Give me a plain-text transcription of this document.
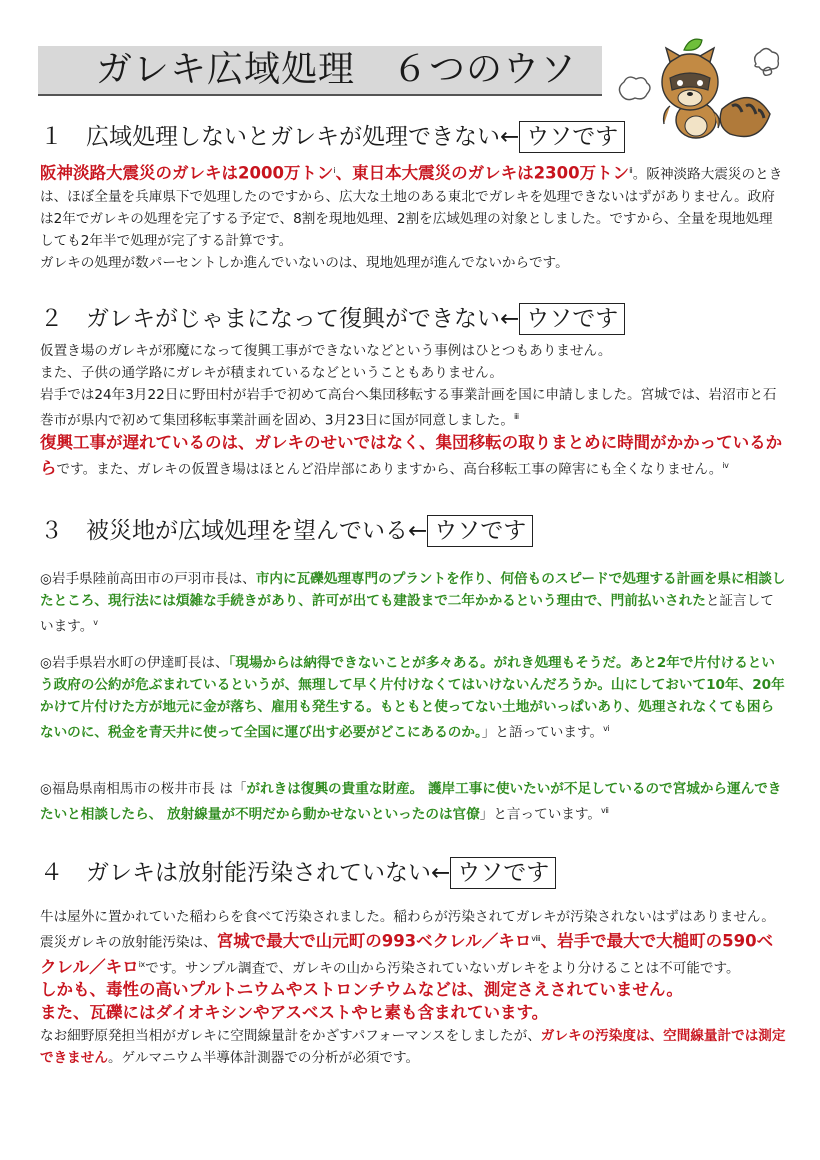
ガレキ広域処理　６つのウソ
１　広域処理しないとガレキが処理できない← ウソです
阪神淡路大震災のガレキは2000万トン$^ⅰ$、東日本大震災のガレキは2300万トン$^ⅱ$。阪神淡路大震災のときは、ほぼ全量を兵庫県下で処理したのですから、広大な土地のある東北でガレキを処理できないはずがありません。政府は2年でガレキの処理を完了する予定で、8割を現地処理、2割を広域処理の対象としました。ですから、全量を現地処理しても2年半で処理が完了する計算です。
ガレキの処理が数パーセントしか進んでいないのは、現地処理が進んでないからです。
２　ガレキがじゃまになって復興ができない← ウソです
仮置き場のガレキが邪魔になって復興工事ができないなどという事例はひとつもありません。
また、子供の通学路にガレキが積まれているなどということもありません。
岩手では24年3月22日に野田村が岩手で初めて高台へ集団移転する事業計画を国に申請しました。宮城では、岩沼市と石巻市が県内で初めて集団移転事業計画を固め、3月23日に国が同意しました。$^ⅲ$
復興工事が遅れているのは、ガレキのせいではなく、集団移転の取りまとめに時間がかかっているからです。また、ガレキの仮置き場はほとんど沿岸部にありますから、高台移転工事の障害にも全くなりません。$^ⅳ$
３　被災地が広域処理を望んでいる← ウソです
◎岩手県陸前高田市の戸羽市長は、市内に瓦礫処理専門のプラントを作り、何倍ものスピードで処理する計画を県に相談したところ、現行法には煩雑な手続きがあり、許可が出ても建設まで二年かかるという理由で、門前払いされたと証言しています。$^ⅴ$
◎岩手県岩水町の伊達町長は、「現場からは納得できないことが多々ある。がれき処理もそうだ。あと2年で片付けるという政府の公約が危ぶまれているというが、無理して早く片付けなくてはいけないんだろうか。山にしておいて10年、20年かけて片付けた方が地元に金が落ち、雇用も発生する。もともと使ってない土地がいっぱいあり、処理されなくても困らないのに、税金を青天井に使って全国に運び出す必要がどこにあるのか。」と語っています。$^ⅵ$
◎福島県南相馬市の桜井市長 は「がれきは復興の貴重な財産。 護岸工事に使いたいが不足しているので宮城から運んできたいと相談したら、 放射線量が不明だから動かせないといったのは官僚」と言っています。$^ⅶ$
４　ガレキは放射能汚染されていない← ウソです
牛は屋外に置かれていた稲わらを食べて汚染されました。稲わらが汚染されてガレキが汚染されないはずはありません。震災ガレキの放射能汚染は、宮城で最大で山元町の993ベクレル／キロ$^ⅷ$、岩手で最大で大槌町の590ベクレル／キロ$^ⅸ$です。サンプル調査で、ガレキの山から汚染されていないガレキをより分けることは不可能です。
しかも、毒性の高いプルトニウムやストロンチウムなどは、測定さえされていません。
また、瓦礫にはダイオキシンやアスベストやヒ素も含まれています。
なお細野原発担当相がガレキに空間線量計をかざすパフォーマンスをしましたが、ガレキの汚染度は、空間線量計では測定できません。ゲルマニウム半導体計測器での分析が必須です。
